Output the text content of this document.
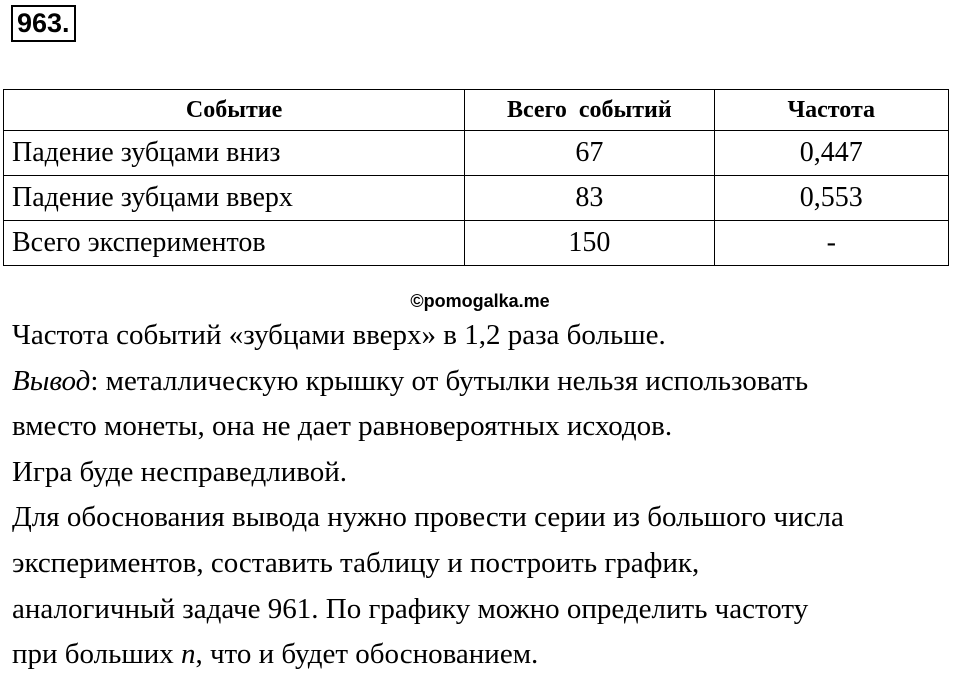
963.
Событие	Всего  событий	Частота
Падение зубцами вниз	67	0,447
Падение зубцами вверх	83	0,553
Всего экспериментов	150	-
©pomogalka.me
Частота событий «зубцами вверх» в 1,2 раза больше.
Вывод: металлическую крышку от бутылки нельзя использовать
вместо монеты, она не дает равновероятных исходов.
Игра буде несправедливой.
Для обоснования вывода нужно провести серии из большого числа
экспериментов, составить таблицу и построить график,
аналогичный задаче 961. По графику можно определить частоту
при больших n, что и будет обоснованием.
